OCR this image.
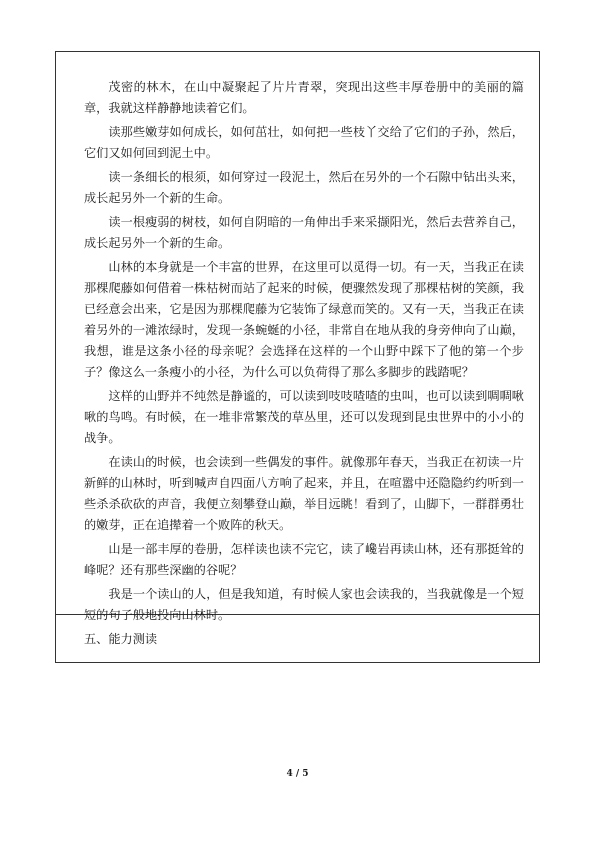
茂密的林木，在山中凝聚起了片片青翠，突现出这些丰厚卷册中的美丽的篇章，我就这样静静地读着它们。

读那些嫩芽如何成长，如何茁壮，如何把一些枝丫交给了它们的子孙，然后，它们又如何回到泥土中。

读一条细长的根须，如何穿过一段泥土，然后在另外的一个石隙中钻出头来，成长起另外一个新的生命。

读一根瘦弱的树枝，如何自阴暗的一角伸出手来采撷阳光，然后去营养自己，成长起另外一个新的生命。

山林的本身就是一个丰富的世界，在这里可以觅得一切。有一天，当我正在读那棵爬藤如何借着一株枯树而站了起来的时候，便骤然发现了那棵枯树的笑颜，我已经意会出来，它是因为那棵爬藤为它装饰了绿意而笑的。又有一天，当我正在读着另外的一滩浓绿时，发现一条蜿蜒的小径，非常自在地从我的身旁伸向了山巅，我想，谁是这条小径的母亲呢？会选择在这样的一个山野中踩下了他的第一个步子？像这么一条瘦小的小径，为什么可以负荷得了那么多脚步的践踏呢？

这样的山野并不纯然是静谧的，可以读到吱吱喳喳的虫叫，也可以读到啁啁啾啾的鸟鸣。有时候，在一堆非常繁茂的草丛里，还可以发现到昆虫世界中的小小的战争。

在读山的时候，也会读到一些偶发的事件。就像那年春天，当我正在初读一片新鲜的山林时，听到喊声自四面八方响了起来，并且，在喧嚣中还隐隐约约听到一些杀杀砍砍的声音，我便立刻攀登山巅，举目远眺！看到了，山脚下，一群群勇壮的嫩芽，正在追撵着一个败阵的秋天。

山是一部丰厚的卷册，怎样读也读不完它，读了巉岩再读山林，还有那挺耸的峰呢？还有那些深幽的谷呢？

我是一个读山的人，但是我知道，有时候人家也会读我的，当我就像是一个短短的句子般地投向山林时。

五、能力测读

4 / 5
